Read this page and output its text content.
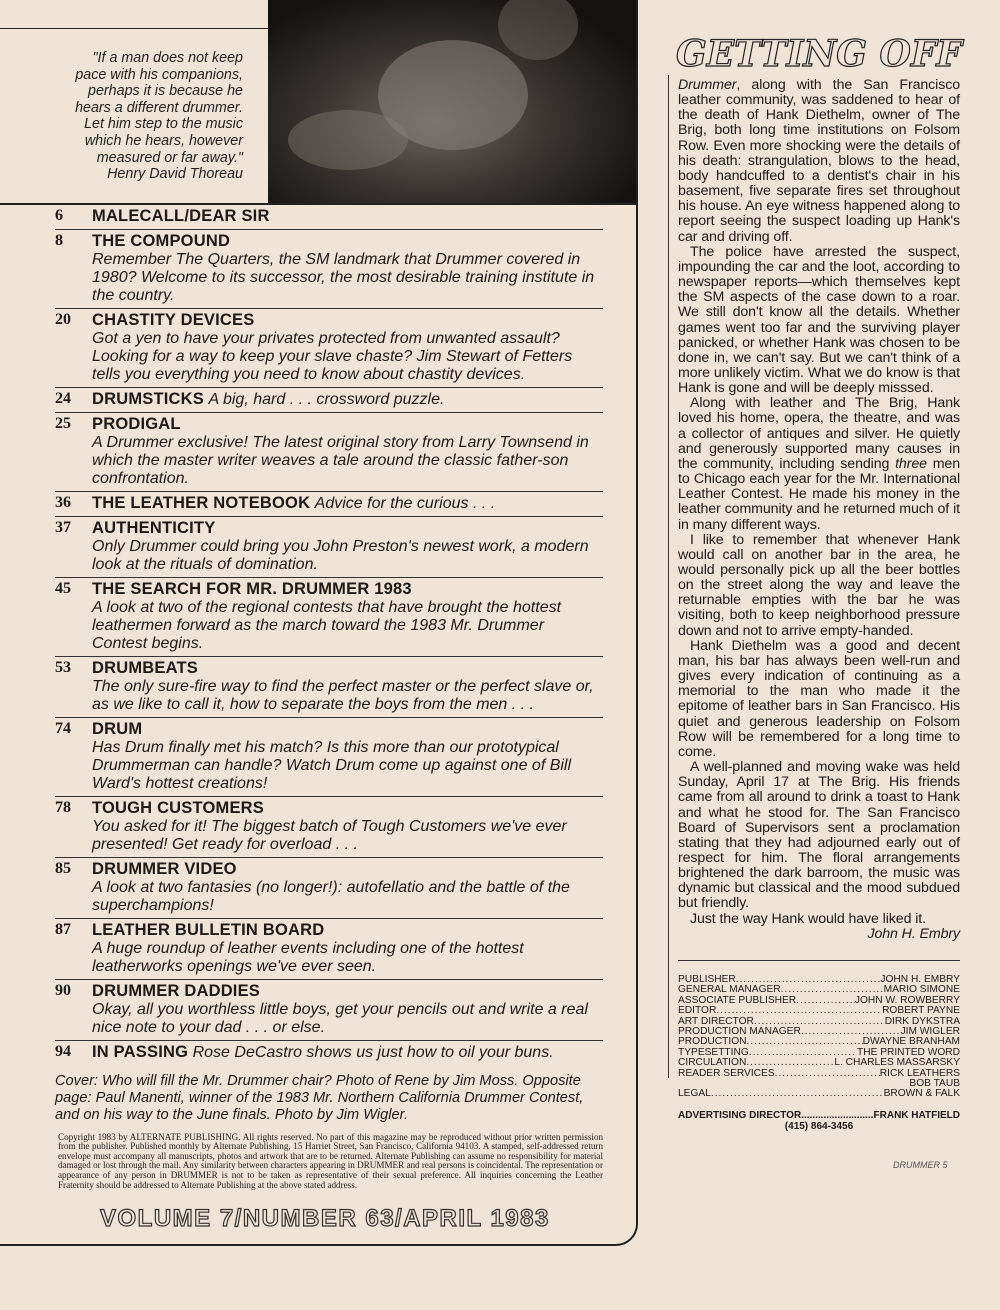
"If a man does not keep
pace with his companions,
perhaps it is because he
hears a different drummer.
Let him step to the music
which he hears, however
measured or far away."
Henry David Thoreau
6 MALECALL/DEAR SIR
8 THE COMPOUND
Remember The Quarters, the SM landmark that Drummer covered in 1980? Welcome to its successor, the most desirable training institute in the country.
20 CHASTITY DEVICES
Got a yen to have your privates protected from unwanted assault? Looking for a way to keep your slave chaste? Jim Stewart of Fetters tells you everything you need to know about chastity devices.
24 DRUMSTICKS A big, hard . . . crossword puzzle.
25 PRODIGAL
A Drummer exclusive! The latest original story from Larry Townsend in which the master writer weaves a tale around the classic father-son confrontation.
36 THE LEATHER NOTEBOOK Advice for the curious . . .
37 AUTHENTICITY
Only Drummer could bring you John Preston's newest work, a modern look at the rituals of domination.
45 THE SEARCH FOR MR. DRUMMER 1983
A look at two of the regional contests that have brought the hottest leathermen forward as the march toward the 1983 Mr. Drummer Contest begins.
53 DRUMBEATS
The only sure-fire way to find the perfect master or the perfect slave or, as we like to call it, how to separate the boys from the men . . .
74 DRUM
Has Drum finally met his match? Is this more than our prototypical Drummerman can handle? Watch Drum come up against one of Bill Ward's hottest creations!
78 TOUGH CUSTOMERS
You asked for it! The biggest batch of Tough Customers we've ever presented! Get ready for overload . . .
85 DRUMMER VIDEO
A look at two fantasies (no longer!): autofellatio and the battle of the superchampions!
87 LEATHER BULLETIN BOARD
A huge roundup of leather events including one of the hottest leatherworks openings we've ever seen.
90 DRUMMER DADDIES
Okay, all you worthless little boys, get your pencils out and write a real nice note to your dad . . . or else.
94 IN PASSING Rose DeCastro shows us just how to oil your buns.
Cover: Who will fill the Mr. Drummer chair? Photo of Rene by Jim Moss. Opposite page: Paul Manenti, winner of the 1983 Mr. Northern California Drummer Contest, and on his way to the June finals. Photo by Jim Wigler.
Copyright 1983 by ALTERNATE PUBLISHING. All rights reserved. No part of this magazine may be reproduced without prior written permission from the publisher. Published monthly by Alternate Publishing, 15 Harriet Street, San Francisco, California 94103. A stamped, self-addressed return envelope must accompany all manuscripts, photos and artwork that are to be returned. Alternate Publishing can assume no responsibility for material damaged or lost through the mail. Any similarity between characters appearing in DRUMMER and real persons is coincidental. The representation or appearance of any person in DRUMMER is not to be taken as representative of their sexual preference. All inquiries concerning the Leather Fraternity should be addressed to Alternate Publishing at the above stated address.
VOLUME 7/NUMBER 63/APRIL 1983
GETTING OFF

Drummer, along with the San Francisco leather community, was saddened to hear of the death of Hank Diethelm, owner of The Brig, both long time institutions on Folsom Row. Even more shocking were the details of his death: strangulation, blows to the head, body handcuffed to a dentist's chair in his basement, five separate fires set throughout his house. An eye witness happened along to report seeing the suspect loading up Hank's car and driving off.

The police have arrested the suspect, impounding the car and the loot, according to newspaper reports—which themselves kept the SM aspects of the case down to a roar. We still don't know all the details. Whether games went too far and the surviving player panicked, or whether Hank was chosen to be done in, we can't say. But we can't think of a more unlikely victim. What we do know is that Hank is gone and will be deeply misssed.

Along with leather and The Brig, Hank loved his home, opera, the theatre, and was a collector of antiques and silver. He quietly and generously supported many causes in the community, including sending three men to Chicago each year for the Mr. International Leather Contest. He made his money in the leather community and he returned much of it in many different ways.

I like to remember that whenever Hank would call on another bar in the area, he would personally pick up all the beer bottles on the street along the way and leave the returnable empties with the bar he was visiting, both to keep neighborhood pressure down and not to arrive empty-handed.

Hank Diethelm was a good and decent man, his bar has always been well-run and gives every indication of continuing as a memorial to the man who made it the epitome of leather bars in San Francisco. His quiet and generous leadership on Folsom Row will be remembered for a long time to come.

A well-planned and moving wake was held Sunday, April 17 at The Brig. His friends came from all around to drink a toast to Hank and what he stood for. The San Francisco Board of Supervisors sent a proclamation stating that they had adjourned early out of respect for him. The floral arrangements brightened the dark barroom, the music was dynamic but classical and the mood subdued but friendly.

Just the way Hank would have liked it.

John H. Embry

PUBLISHER .....	JOHN H. EMBRY
GENERAL MANAGER .....	MARIO SIMONE
ASSOCIATE PUBLISHER .....	JOHN W. ROWBERRY
EDITOR .....	ROBERT PAYNE
ART DIRECTOR .....	DIRK DYKSTRA
PRODUCTION MANAGER .....	JIM WIGLER
PRODUCTION .....	DWAYNE BRANHAM
TYPESETTING .....	THE PRINTED WORD
CIRCULATION .....	L. CHARLES MASSARSKY
READER SERVICES .....	RICK LEATHERS
BOB TAUB
LEGAL .....	BROWN & FALK
ADVERTISING DIRECTOR .....	FRANK HATFIELD
(415) 864-3456
DRUMMER 5
